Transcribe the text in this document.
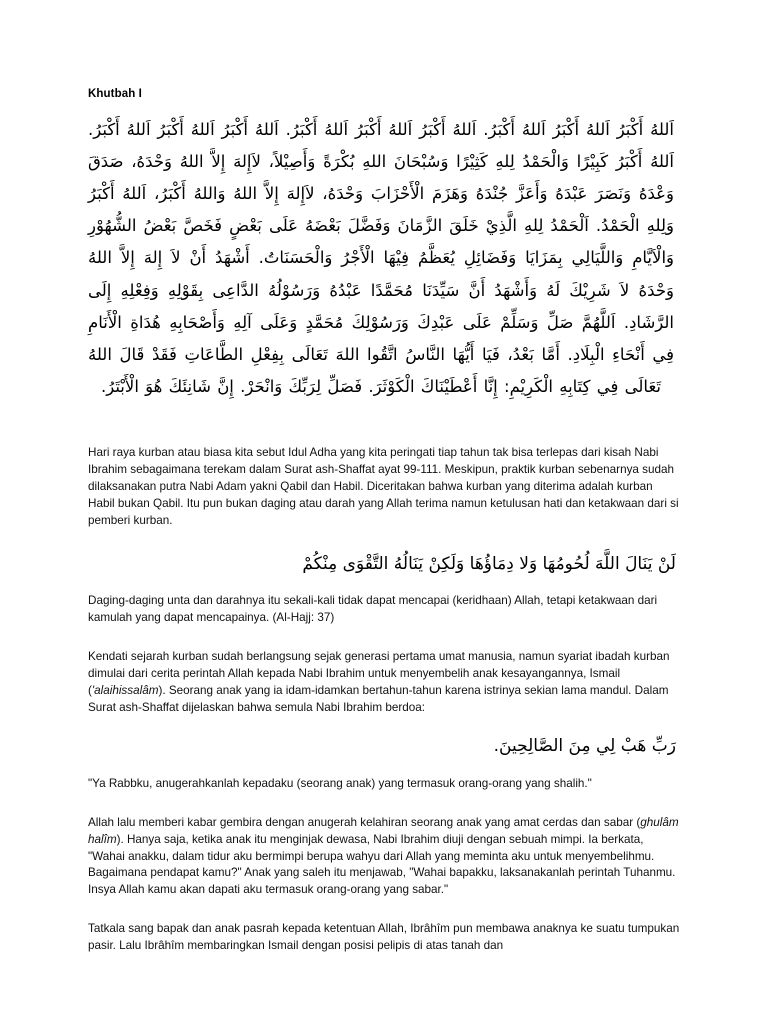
Khutbah I
اَللهُ أَكْبَرُ اَللهُ أَكْبَرُ اَللهُ أَكْبَرُ. اَللهُ أَكْبَرُ اَللهُ أَكْبَرُ اَللهُ أَكْبَرُ. اَللهُ أَكْبَرُ اَللهُ أَكْبَرُ اَللهُ أَكْبَرُ. اَللهُ أَكْبَرُ كَبِيْرًا وَالْحَمْدُ لِلهِ كَثِيْرًا وَسُبْحَانَ اللهِ بُكْرَةً وَأَصِيْلاً، لاَإِلهَ إِلاَّ اللهُ وَحْدَهُ، صَدَقَ وَعْدَهُ وَنَصَرَ عَبْدَهُ وَأَعَزَّ جُنْدَهُ وَهَزَمَ الْأَحْزَابَ وَحْدَهُ، لاَإِلهَ إِلاَّ اللهُ وَاللهُ أَكْبَرُ، اَللهُ أَكْبَرُ وَلِلهِ الْحَمْدُ. اَلْحَمْدُ لِلهِ الَّذِيْ خَلَقَ الزَّمَانَ وَفَضَّلَ بَعْضَهُ عَلَى بَعْضٍ فَخَصَّ بَعْضُ الشُّهُوْرِ وَالْاَيَّامِ وَاللَّيَالِي بِمَزَايَا وَفَضَائِلِ يُعَظَّمُ فِيْهَا الْأَجْرُ وَالْحَسَنَاتُ. أَشْهَدُ أَنْ لاَ إِلهَ إِلاَّ اللهُ وَحْدَهُ لاَ شَرِيْكَ لَهُ وَأَشْهَدُ أَنَّ سَيِّدَنَا مُحَمَّدًا عَبْدُهُ وَرَسُوْلُهُ الدَّاعِى بِقَوْلِهِ وَفِعْلِهِ إِلَى الرَّشَادِ. اَللَّهُمَّ صَلِّ وَسَلِّمْ عَلَى عَبْدِكَ وَرَسُوْلِكَ مُحَمَّدٍ وَعَلَى آلِهِ وَأَصْحَابِهِ هُدَاةِ الْأَنَامِ فِي أَنْحَاءِ الْبِلَادِ. أَمَّا بَعْدُ، فَيَا أَيُّهَا النَّاسُ اتَّقُوا اللهَ تَعَالَى بِفِعْلِ الطَّاعَاتِ فَقَدْ قَالَ اللهُ تَعَالَى فِي كِتَابِهِ الْكَرِيْمِ: إِنَّا أَعْطَيْنَاكَ الْكَوْثَرَ. فَصَلِّ لِرَبِّكَ وَانْحَرْ. إِنَّ شَانِئَكَ هُوَ الْأَبْتَرُ.

Hari raya kurban atau biasa kita sebut Idul Adha yang kita peringati tiap tahun tak bisa terlepas dari kisah Nabi Ibrahim sebagaimana terekam dalam Surat ash-Shaffat ayat 99-111. Meskipun, praktik kurban sebenarnya sudah dilaksanakan putra Nabi Adam yakni Qabil dan Habil. Diceritakan bahwa kurban yang diterima adalah kurban Habil bukan Qabil. Itu pun bukan daging atau darah yang Allah terima namun ketulusan hati dan ketakwaan dari si pemberi kurban.

لَنْ يَنَالَ اللَّهَ لُحُومُهَا وَلا دِمَاؤُهَا وَلَكِنْ يَنَالُهُ التَّقْوَى مِنْكُمْ

Daging-daging unta dan darahnya itu sekali-kali tidak dapat mencapai (keridhaan) Allah, tetapi ketakwaan dari kamulah yang dapat mencapainya. (Al-Hajj: 37)

Kendati sejarah kurban sudah berlangsung sejak generasi pertama umat manusia, namun syariat ibadah kurban dimulai dari cerita perintah Allah kepada Nabi Ibrahim untuk menyembelih anak kesayangannya, Ismail ('alaihissalâm). Seorang anak yang ia idam-idamkan bertahun-tahun karena istrinya sekian lama mandul. Dalam Surat ash-Shaffat dijelaskan bahwa semula Nabi Ibrahim berdoa:

رَبِّ هَبْ لِي مِنَ الصَّالِحِينَ.

"Ya Rabbku, anugerahkanlah kepadaku (seorang anak) yang termasuk orang-orang yang shalih."

Allah lalu memberi kabar gembira dengan anugerah kelahiran seorang anak yang amat cerdas dan sabar (ghulâm halîm). Hanya saja, ketika anak itu menginjak dewasa, Nabi Ibrahim diuji dengan sebuah mimpi. Ia berkata, "Wahai anakku, dalam tidur aku bermimpi berupa wahyu dari Allah yang meminta aku untuk menyembelihmu. Bagaimana pendapat kamu?" Anak yang saleh itu menjawab, "Wahai bapakku, laksanakanlah perintah Tuhanmu. Insya Allah kamu akan dapati aku termasuk orang-orang yang sabar."

Tatkala sang bapak dan anak pasrah kepada ketentuan Allah, Ibrâhîm pun membawa anaknya ke suatu tumpukan pasir. Lalu Ibrâhîm membaringkan Ismail dengan posisi pelipis di atas tanah dan
